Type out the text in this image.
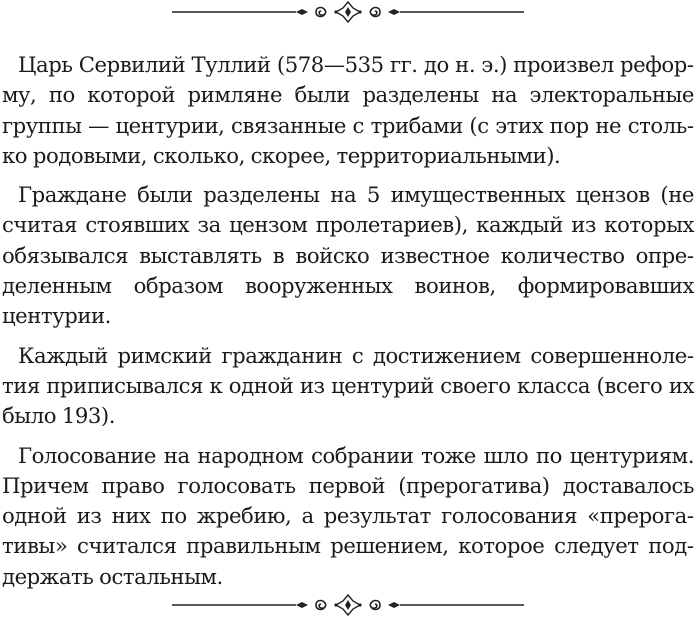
Царь Сервилий Туллий (578—535 гг. до н. э.) произвел реформу, по которой римляне были разделены на электоральные группы — центурии, связанные с трибами (с этих пор не столько родовыми, сколько, скорее, территориальными).

Граждане были разделены на 5 имущественных цензов (не считая стоявших за цензом пролетариев), каждый из которых обязывался выставлять в войско известное количество определенным образом вооруженных воинов, формировавших центурии.

Каждый римский гражданин с достижением совершеннолетия приписывался к одной из центурий своего класса (всего их было 193).

Голосование на народном собрании тоже шло по центуриям. Причем право голосовать первой (прерогатива) доставалось одной из них по жребию, а результат голосования «прерогативы» считался правильным решением, которое следует поддержать остальным.
